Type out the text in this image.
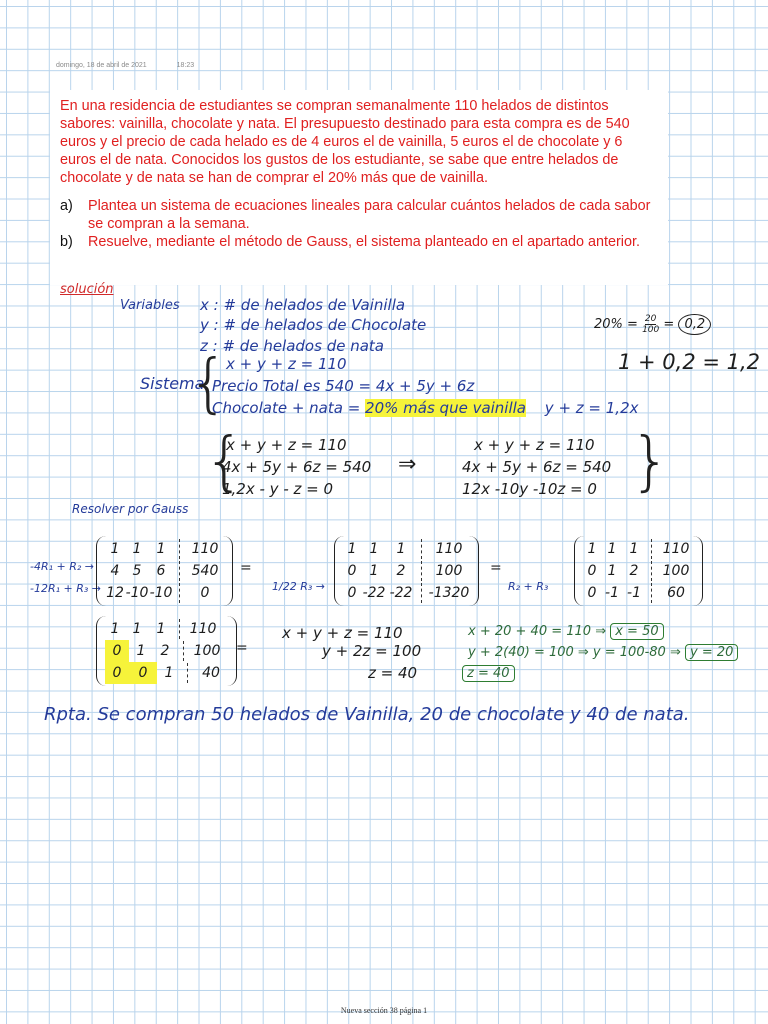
domingo, 18 de abril de 2021	18:23

En una residencia de estudiantes se compran semanalmente 110 helados de distintos sabores: vainilla, chocolate y nata. El presupuesto destinado para esta compra es de 540 euros y el precio de cada helado es de 4 euros el de vainilla, 5 euros el de chocolate y 6 euros el de nata. Conocidos los gustos de los estudiante, se sabe que entre helados de chocolate y de nata se han de comprar el 20% más que de vainilla.

a)	Plantea un sistema de ecuaciones lineales para calcular cuántos helados de cada sabor se compran a la semana.
b)	Resuelve, mediante el método de Gauss, el sistema planteado en el apartado anterior.
solución
Variables x : # de helados de Vainilla
y : # de helados de Chocolate
z : # de helados de nata
$20\% = \frac{20}{100} = 0,2$
1 + 0,2 = 1,2
Sistema
{
x + y + z = 110
Precio Total es 540 = 4x + 5y + 6z
Chocolate + nata = 20% más que vainilla y + z = 1,2x
{
x + y + z = 110
4x + 5y + 6z = 540
1,2x - y - z = 0
⇒
x + y + z = 110
4x + 5y + 6z = 540
12x -10y -10z = 0 }
Resolver por Gauss
-4R₁ + R₂ →
-12R₁ + R₃ →
1 1	1	110
4 5	6	540
12 -10 -10	0
=
1/22 R₃ →
1 1	1	110
0 1	2	100
0 -22 -22 -1320
=
R₂ + R₃
1 1 1	110
0 1 2	100
0 -1 -1	60
1 1	1	110
0	1	2	100
0	0	1	40
=
x + y + z = 110
y + 2z = 100
z = 40
x + 20 + 40 = 110 ⇒ x = 50
y + 2(40) = 100 ⇒ y = 100-80 ⇒ y = 20
z = 40
Rpta. Se compran 50 helados de Vainilla, 20 de chocolate y 40 de nata.
Nueva sección 38 página 1
